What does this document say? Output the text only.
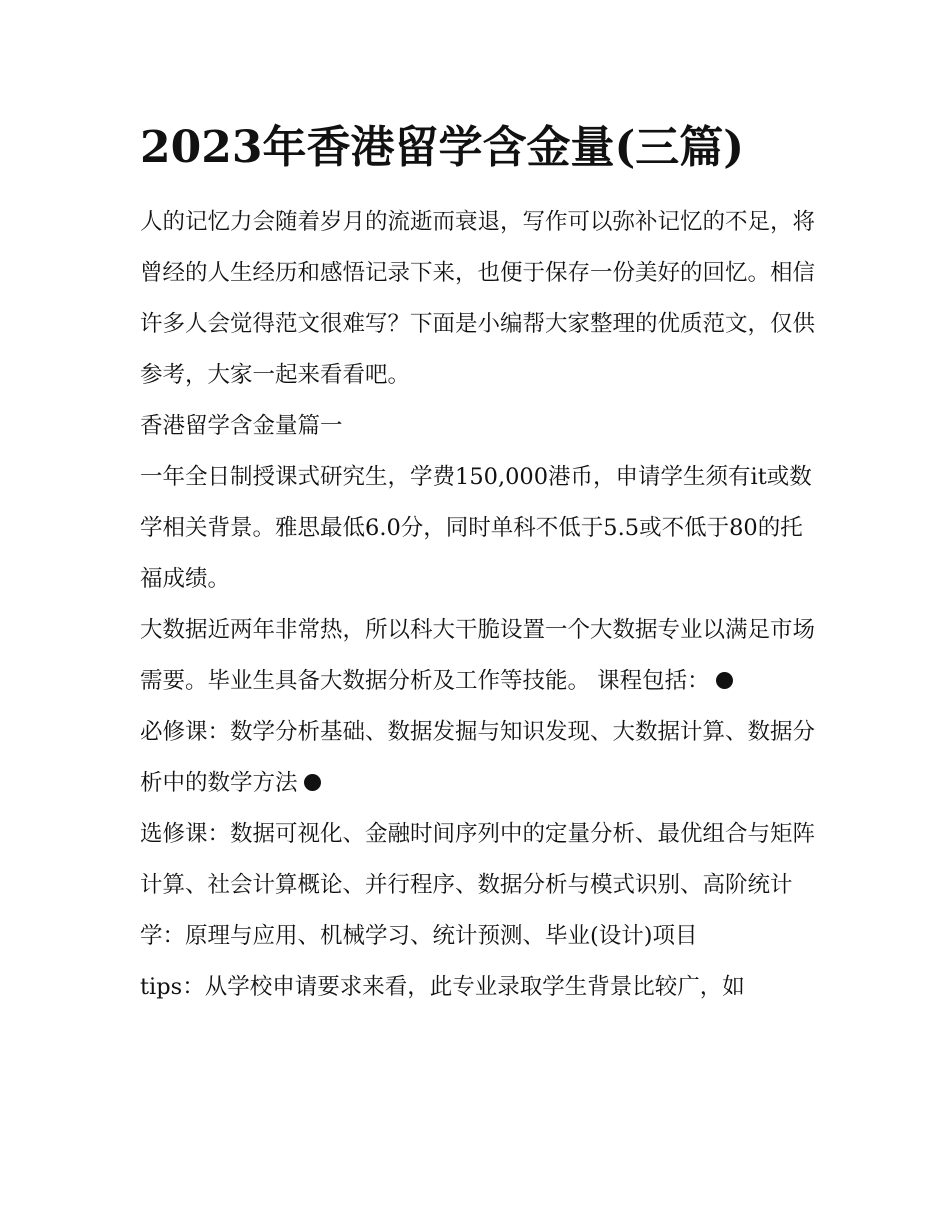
2023年香港留学含金量(三篇)

人的记忆力会随着岁月的流逝而衰退，写作可以弥补记忆的不足，将曾经的人生经历和感悟记录下来，也便于保存一份美好的回忆。相信许多人会觉得范文很难写？下面是小编帮大家整理的优质范文，仅供参考，大家一起来看看吧。

香港留学含金量篇一

一年全日制授课式研究生，学费150,000港币，申请学生须有it或数学相关背景。雅思最低6.0分，同时单科不低于5.5或不低于80的托福成绩。

大数据近两年非常热，所以科大干脆设置一个大数据专业以满足市场需要。毕业生具备大数据分析及工作等技能。 课程包括：

必修课：数学分析基础、数据发掘与知识发现、大数据计算、数据分析中的数学方法

选修课：数据可视化、金融时间序列中的定量分析、最优组合与矩阵计算、社会计算概论、并行程序、数据分析与模式识别、高阶统计学：原理与应用、机械学习、统计预测、毕业(设计)项目

tips：从学校申请要求来看，此专业录取学生背景比较广，如
